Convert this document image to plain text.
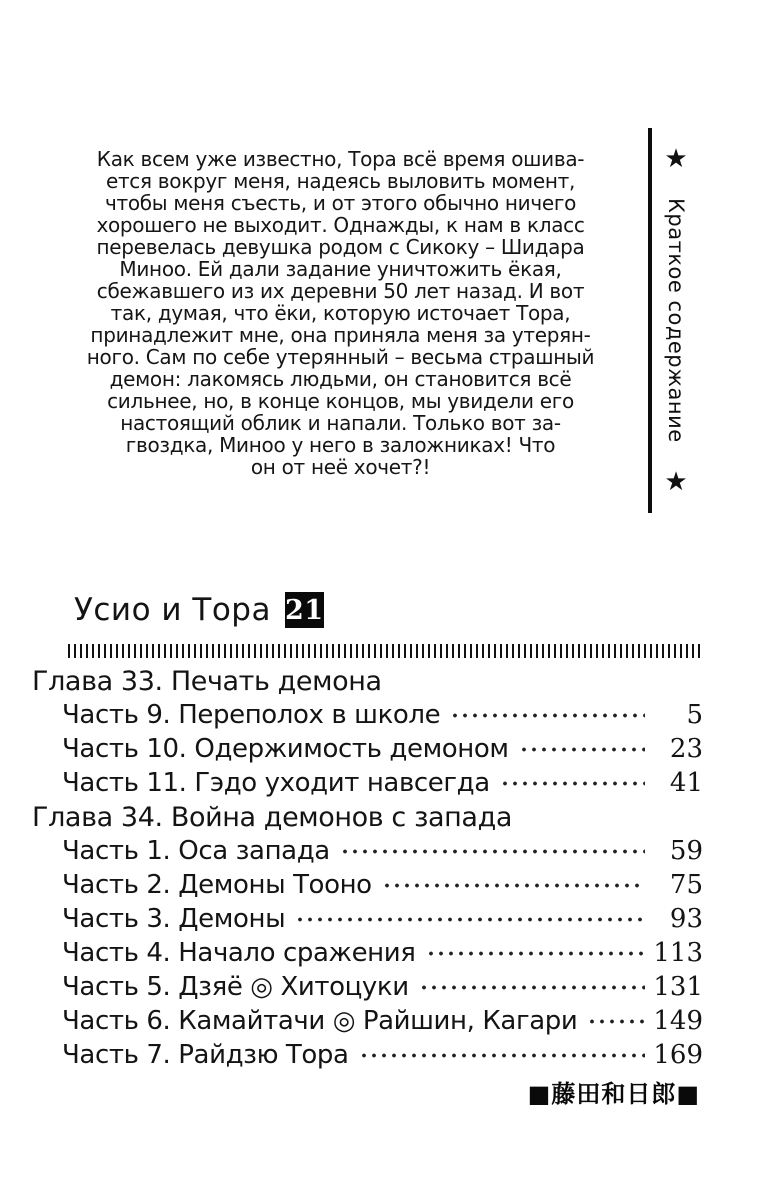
Как всем уже известно, Тора всё время ошива-
ется вокруг меня, надеясь выловить момент,
чтобы меня съесть, и от этого обычно ничего
хорошего не выходит. Однажды, к нам в класс
перевелась девушка родом с Сикоку – Шидара
Миноо. Ей дали задание уничтожить ёкая,
сбежавшего из их деревни 50 лет назад. И вот
так, думая, что ёки, которую источает Тора,
принадлежит мне, она приняла меня за утерян-
ного. Сам по себе утерянный – весьма страшный
демон: лакомясь людьми, он становится всё
сильнее, но, в конце концов, мы увидели его
настоящий облик и напали. Только вот за-
гвоздка, Миноо у него в заложниках! Что
он от неё хочет?!
★
Краткое содержание
★
Усио и Тора 21
Глава 33. Печать демона
Часть 9. Переполох в школе	5
Часть 10. Одержимость демоном	23
Часть 11. Гэдо уходит навсегда	41
Глава 34. Война демонов с запада
Часть 1. Оса запада	59
Часть 2. Демоны Тооно	75
Часть 3. Демоны	93
Часть 4. Начало сражения	113
Часть 5. Дзяё ◎ Хитоцуки	131
Часть 6. Камайтачи ◎ Райшин, Кагари	149
Часть 7. Райдзю Тора	169
■藤田和日郎■
